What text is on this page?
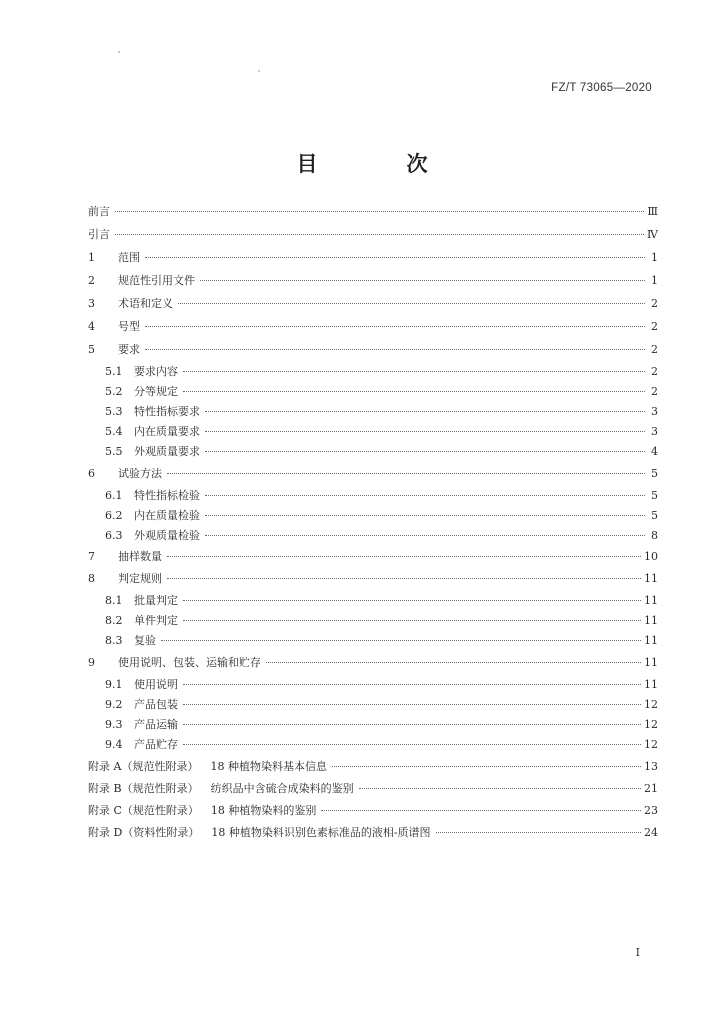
FZ/T 73065—2020
目　次
前言	Ⅲ
引言	Ⅳ
1 范围	1
2 规范性引用文件	1
3 术语和定义	2
4 号型	2
5 要求	2
5.1 要求内容	2
5.2 分等规定	2
5.3 特性指标要求	3
5.4 内在质量要求	3
5.5 外观质量要求	4
6 试验方法	5
6.1 特性指标检验	5
6.2 内在质量检验	5
6.3 外观质量检验	8
7 抽样数量	10
8 判定规则	11
8.1 批量判定	11
8.2 单件判定	11
8.3 复验	11
9 使用说明、包装、运输和贮存	11
9.1 使用说明	11
9.2 产品包装	12
9.3 产品运输	12
9.4 产品贮存	12
附录 A（规范性附录） 18 种植物染料基本信息	13
附录 B（规范性附录） 纺织品中含硫合成染料的鉴别	21
附录 C（规范性附录） 18 种植物染料的鉴别	23
附录 D（资料性附录） 18 种植物染料识别色素标准品的液相-质谱图	24
I
